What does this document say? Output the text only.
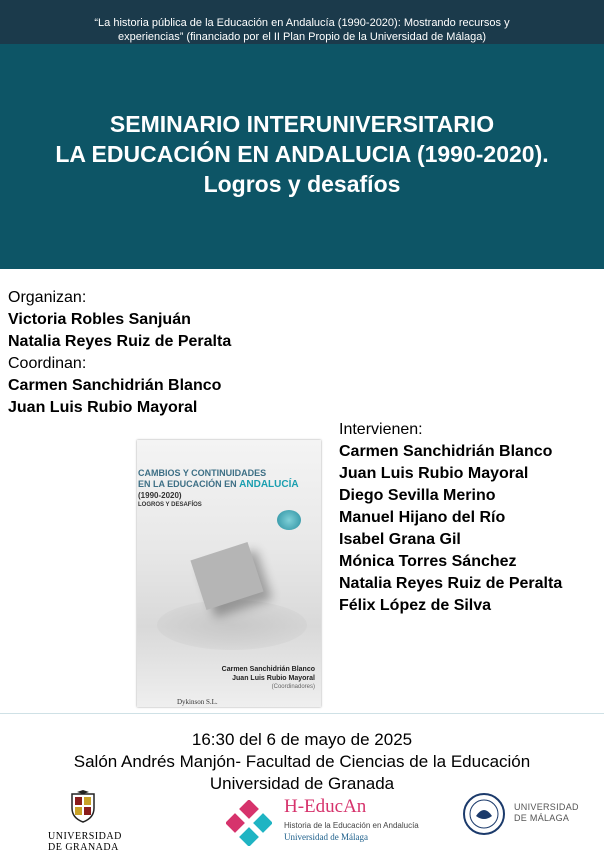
“La historia pública de la Educación en Andalucía (1990-2020): Mostrando recursos y
experiencias” (financiado por el II Plan Propio de la Universidad de Málaga)
SEMINARIO INTERUNIVERSITARIO
LA EDUCACIÓN EN ANDALUCIA (1990-2020).
Logros y desafíos
Organizan:
Victoria Robles Sanjuán
Natalia Reyes Ruiz de Peralta
Coordinan:
Carmen Sanchidrián Blanco
Juan Luis Rubio Mayoral
Intervienen:
Carmen Sanchidrián Blanco
Juan Luis Rubio Mayoral
Diego Sevilla Merino
Manuel Hijano del Río
Isabel Grana Gil
Mónica Torres Sánchez
Natalia Reyes Ruiz de Peralta
Félix López de Silva
CAMBIOS Y CONTINUIDADES
EN LA EDUCACIÓN EN ANDALUCÍA
(1990-2020)
LOGROS Y DESAFÍOS
Carmen Sanchidrián Blanco
Juan Luis Rubio Mayoral
(Coordinadores)
Dykinson S.L.
16:30 del 6 de mayo de 2025
Salón Andrés Manjón- Facultad de Ciencias de la Educación
Universidad de Granada
UNIVERSIDAD
DE GRANADA
H-EducAn
Historia de la Educación en Andalucía
Universidad de Málaga
UNIVERSIDAD
DE MÁLAGA
